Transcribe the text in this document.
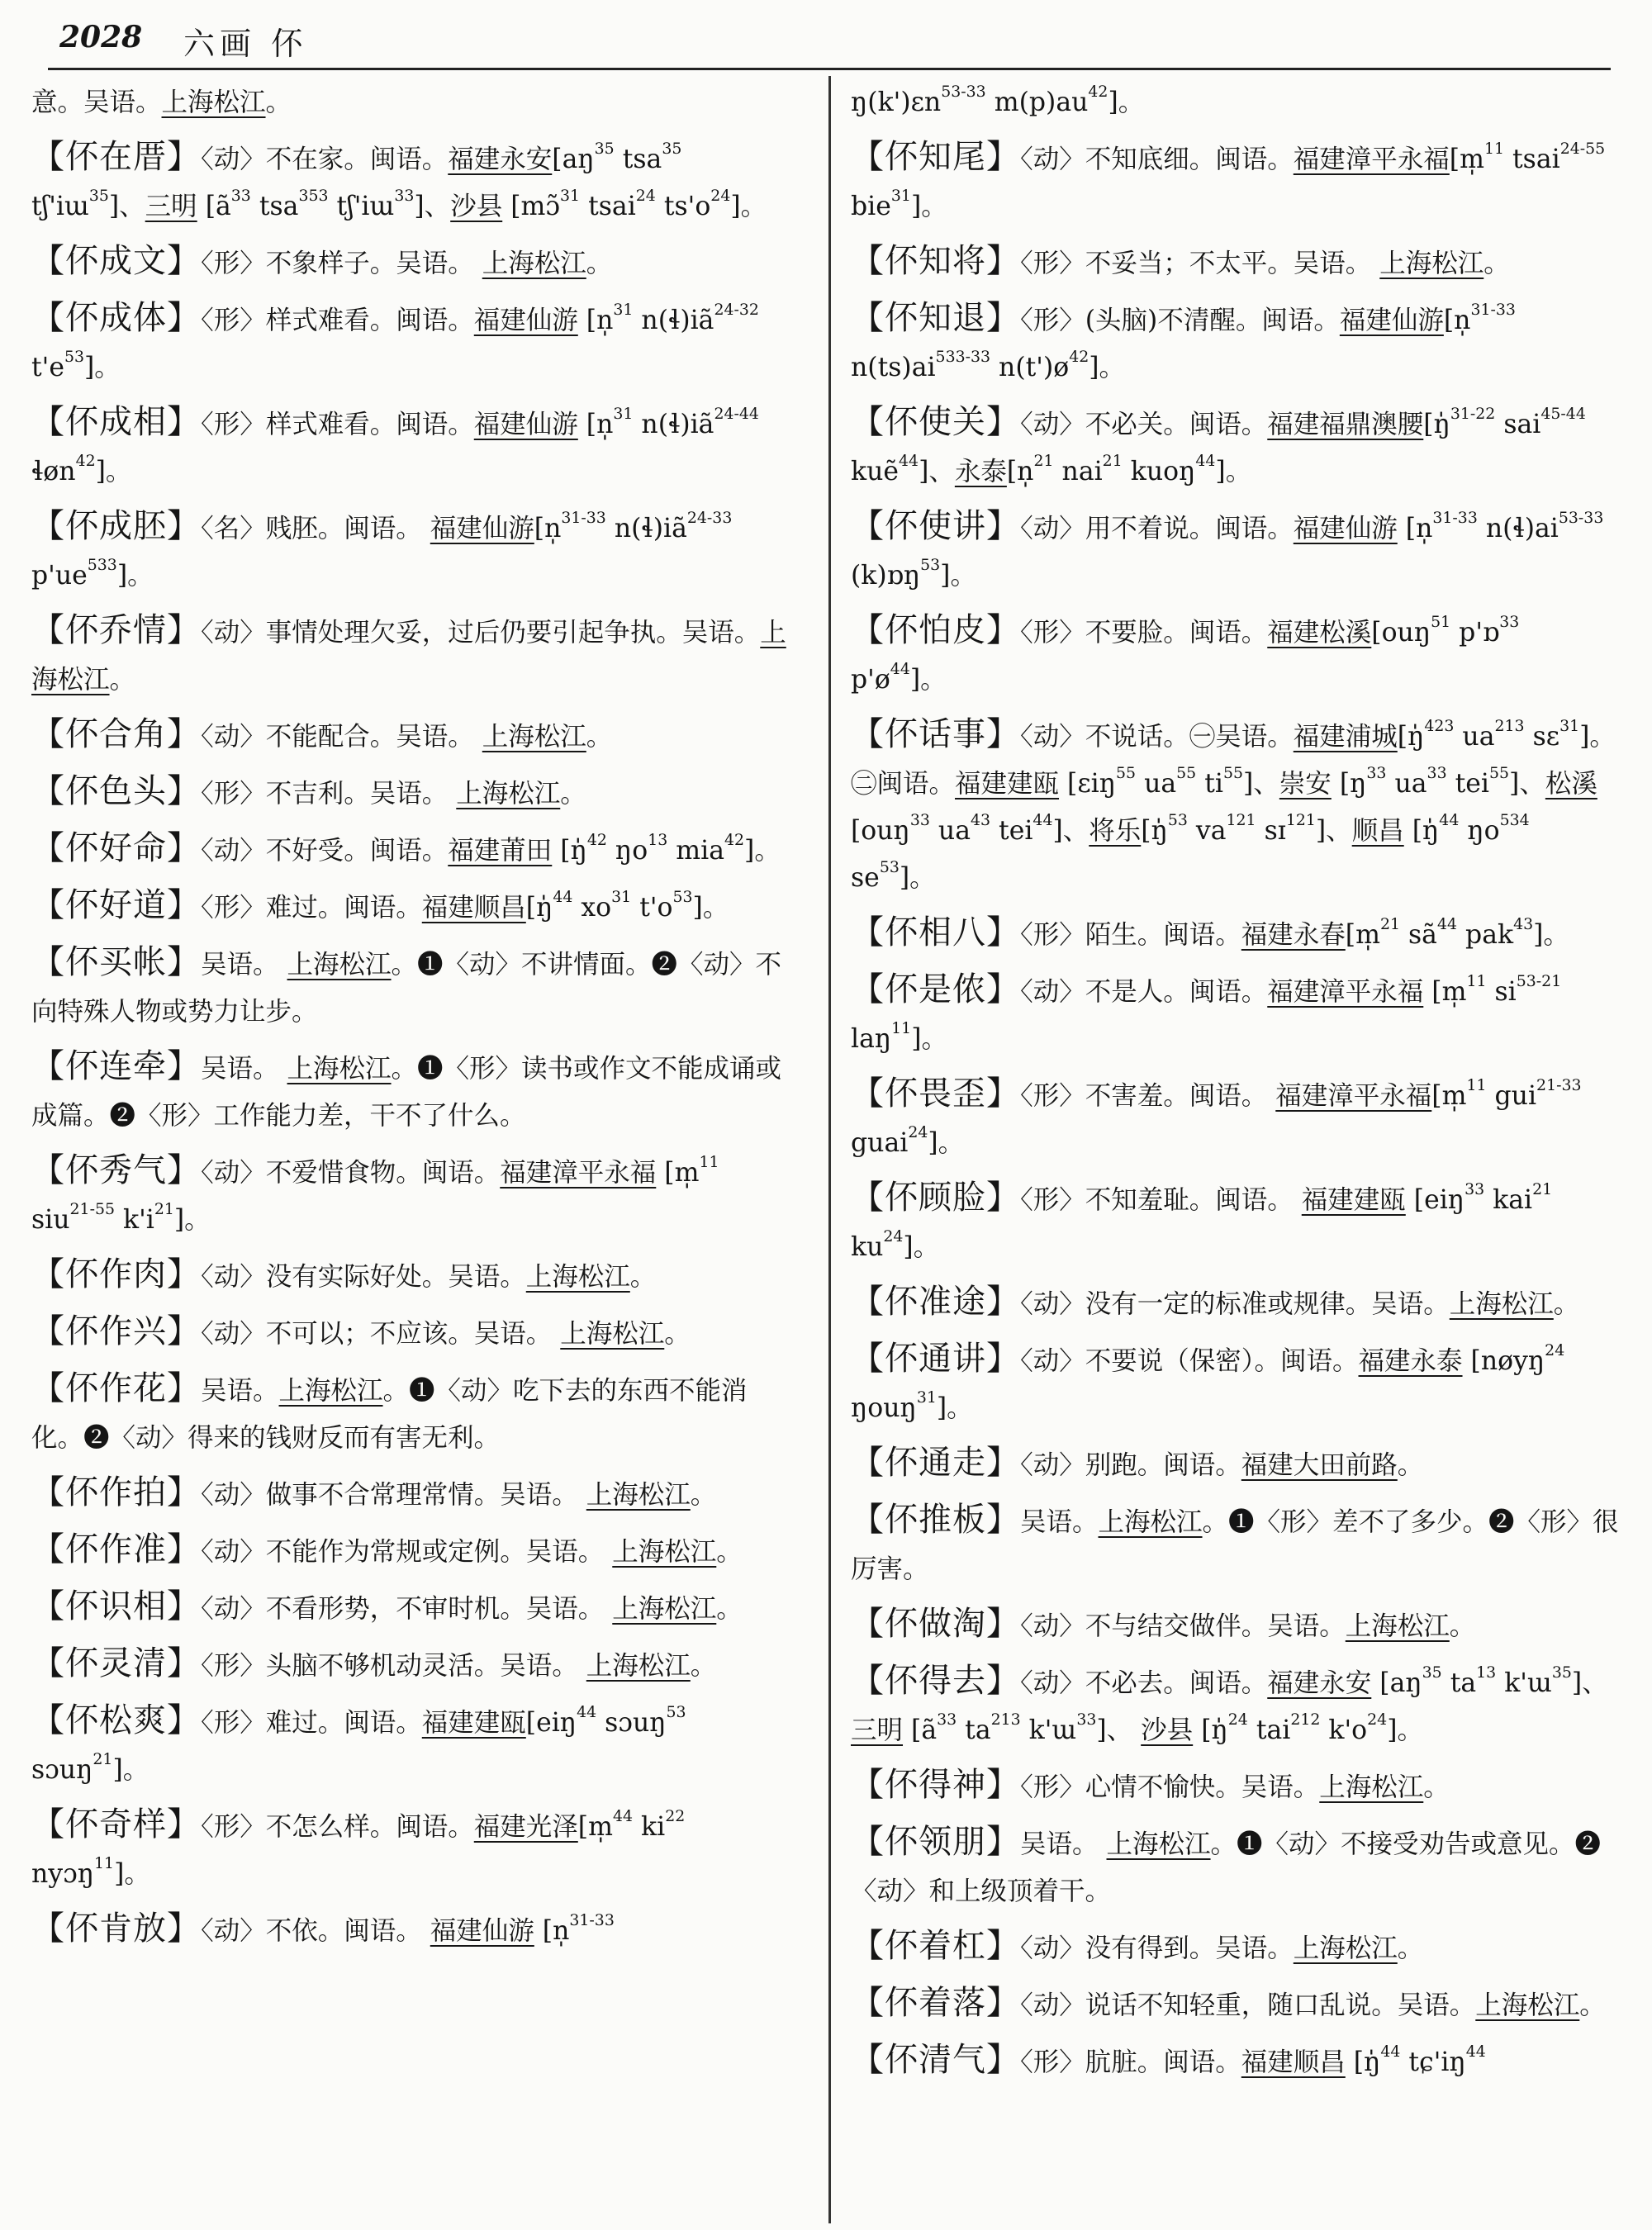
2028 六画 伓
意。吴语。上海松江。
【伓在厝】〈动〉不在家。闽语。福建永安[$aŋ^{35}$ tsa$^{35}$ tʃ'iɯ$^{35}$]、三明 [$ã^{33}$ tsa$^{353}$ tʃ'iɯ$^{33}$]、沙县 [mɔ̃$^{31}$ tsai$^{24}$ $ts'o^{24}$]。
【伓成文】〈形〉不象样子。吴语。 上海松江。
【伓成体】〈形〉样式难看。闽语。福建仙游 [n̩$^{31}$ $n(ɬ)iã^{24-32}$ $t'e^{53}$]。
【伓成相】〈形〉样式难看。闽语。福建仙游 [n̩$^{31}$ $n(ɬ)iã^{24-44}$ ɬøn$^{42}$]。
【伓成胚】〈名〉贱胚。闽语。 福建仙游[n̩$^{31-33}$ $n(ɬ)iã^{24-33}$ $p'ue^{533}$]。
【伓乔情】〈动〉事情处理欠妥，过后仍要引起争执。吴语。上海松江。
【伓合角】〈动〉不能配合。吴语。 上海松江。
【伓色头】〈形〉不吉利。吴语。 上海松江。
【伓好命】〈动〉不好受。闽语。福建莆田 [ŋ̍$^{42}$ $ŋo^{13}$ mia$^{42}$]。
【伓好道】〈形〉难过。闽语。福建顺昌[ŋ̍$^{44}$ $xo^{31}$ $t'o^{53}$]。
【伓买帐】吴语。 上海松江。❶〈动〉不讲情面。❷〈动〉不向特殊人物或势力让步。
【伓连牵】吴语。 上海松江。❶〈形〉读书或作文不能成诵或成篇。❷〈形〉工作能力差，干不了什么。
【伓秀气】〈动〉不爱惜食物。闽语。福建漳平永福 [m̩$^{11}$ siu$^{21-55}$ $k'i^{21}$]。
【伓作肉】〈动〉没有实际好处。吴语。上海松江。
【伓作兴】〈动〉不可以；不应该。吴语。 上海松江。
【伓作花】吴语。上海松江。❶〈动〉吃下去的东西不能消化。❷〈动〉得来的钱财反而有害无利。
【伓作拍】〈动〉做事不合常理常情。吴语。 上海松江。
【伓作准】〈动〉不能作为常规或定例。吴语。 上海松江。
【伓识相】〈动〉不看形势，不审时机。吴语。 上海松江。
【伓灵清】〈形〉头脑不够机动灵活。吴语。 上海松江。
【伓松爽】〈形〉难过。闽语。福建建瓯[eiŋ$^{44}$ sɔuŋ$^{53}$ sɔuŋ$^{21}$]。
【伓奇样】〈形〉不怎么样。闽语。福建光泽[m̩$^{44}$ $ki^{22}$ nyɔŋ$^{11}$]。
【伓肯放】〈动〉不依。闽语。 福建仙游 [n̩$^{31-33}$
ŋ(k')ɛn$^{53-33}$ $m(p)au^{42}$]。
【伓知尾】〈动〉不知底细。闽语。福建漳平永福[m̩$^{11}$ tsai$^{24-55}$ bie$^{31}$]。
【伓知将】〈形〉不妥当；不太平。吴语。 上海松江。
【伓知退】〈形〉(头脑)不清醒。闽语。福建仙游[n̩$^{31-33}$ $n(ts)ai^{533-33}$ $n(t')ø^{42}$]。
【伓使关】〈动〉不必关。闽语。福建福鼎澳腰[ŋ̍$^{31-22}$ sai$^{45-44}$ kuẽ$^{44}$]、永泰[n̩$^{21}$ nai$^{21}$ kuoŋ$^{44}$]。
【伓使讲】〈动〉用不着说。闽语。福建仙游 [n̩$^{31-33}$ $n(ɬ)ai^{53-33}$ (k)ɒŋ$^{53}$]。
【伓怕皮】〈形〉不要脸。闽语。福建松溪[ouŋ$^{51}$ p'ɒ$^{33}$ $p'ø^{44}$]。
【伓话事】〈动〉不说话。㊀吴语。福建浦城[ŋ̍$^{423}$ $ua^{213}$ sɛ$^{31}$]。㊁闽语。福建建瓯 [ɛiŋ$^{55}$ $ua^{55}$ $ti^{55}$]、崇安 [$ŋ^{33}$ $ua^{33}$ tei$^{55}$]、松溪[ouŋ$^{33}$ $ua^{43}$ tei$^{44}$]、将乐[ŋ̍$^{53}$ $va^{121}$ sɪ$^{121}$]、顺昌 [ŋ̍$^{44}$ $ŋo^{534}$ $se^{53}$]。
【伓相八】〈形〉陌生。闽语。福建永春[m̩$^{21}$ $sã^{44}$ pak$^{43}$]。
【伓是侬】〈动〉不是人。闽语。福建漳平永福 [m̩$^{11}$ $si^{53-21}$ laŋ$^{11}$]。
【伓畏歪】〈形〉不害羞。闽语。 福建漳平永福[m̩$^{11}$ gui$^{21-33}$ guai$^{24}$]。
【伓顾脸】〈形〉不知羞耻。闽语。 福建建瓯 [eiŋ$^{33}$ kai$^{21}$ $ku^{24}$]。
【伓准途】〈动〉没有一定的标准或规律。吴语。上海松江。
【伓通讲】〈动〉不要说（保密）。闽语。福建永泰 [nøyŋ$^{24}$ ŋouŋ$^{31}$]。
【伓通走】〈动〉别跑。闽语。福建大田前路。
【伓推板】吴语。上海松江。❶〈形〉差不了多少。❷〈形〉很厉害。
【伓做淘】〈动〉不与结交做伴。吴语。上海松江。
【伓得去】〈动〉不必去。闽语。福建永安 [$aŋ^{35}$ $ta^{13}$ k'ɯ$^{35}$]、三明 [$ã^{33}$ $ta^{213}$ k'ɯ$^{33}$]、 沙县 [ŋ̍$^{24}$ tai$^{212}$ $k'o^{24}$]。
【伓得神】〈形〉心情不愉快。吴语。上海松江。
【伓领朋】吴语。 上海松江。❶〈动〉不接受劝告或意见。❷〈动〉和上级顶着干。
【伓着杠】〈动〉没有得到。吴语。上海松江。
【伓着落】〈动〉说话不知轻重，随口乱说。吴语。上海松江。
【伓清气】〈形〉肮脏。闽语。福建顺昌 [ŋ̍$^{44}$ $tɕ'iŋ^{44}$
